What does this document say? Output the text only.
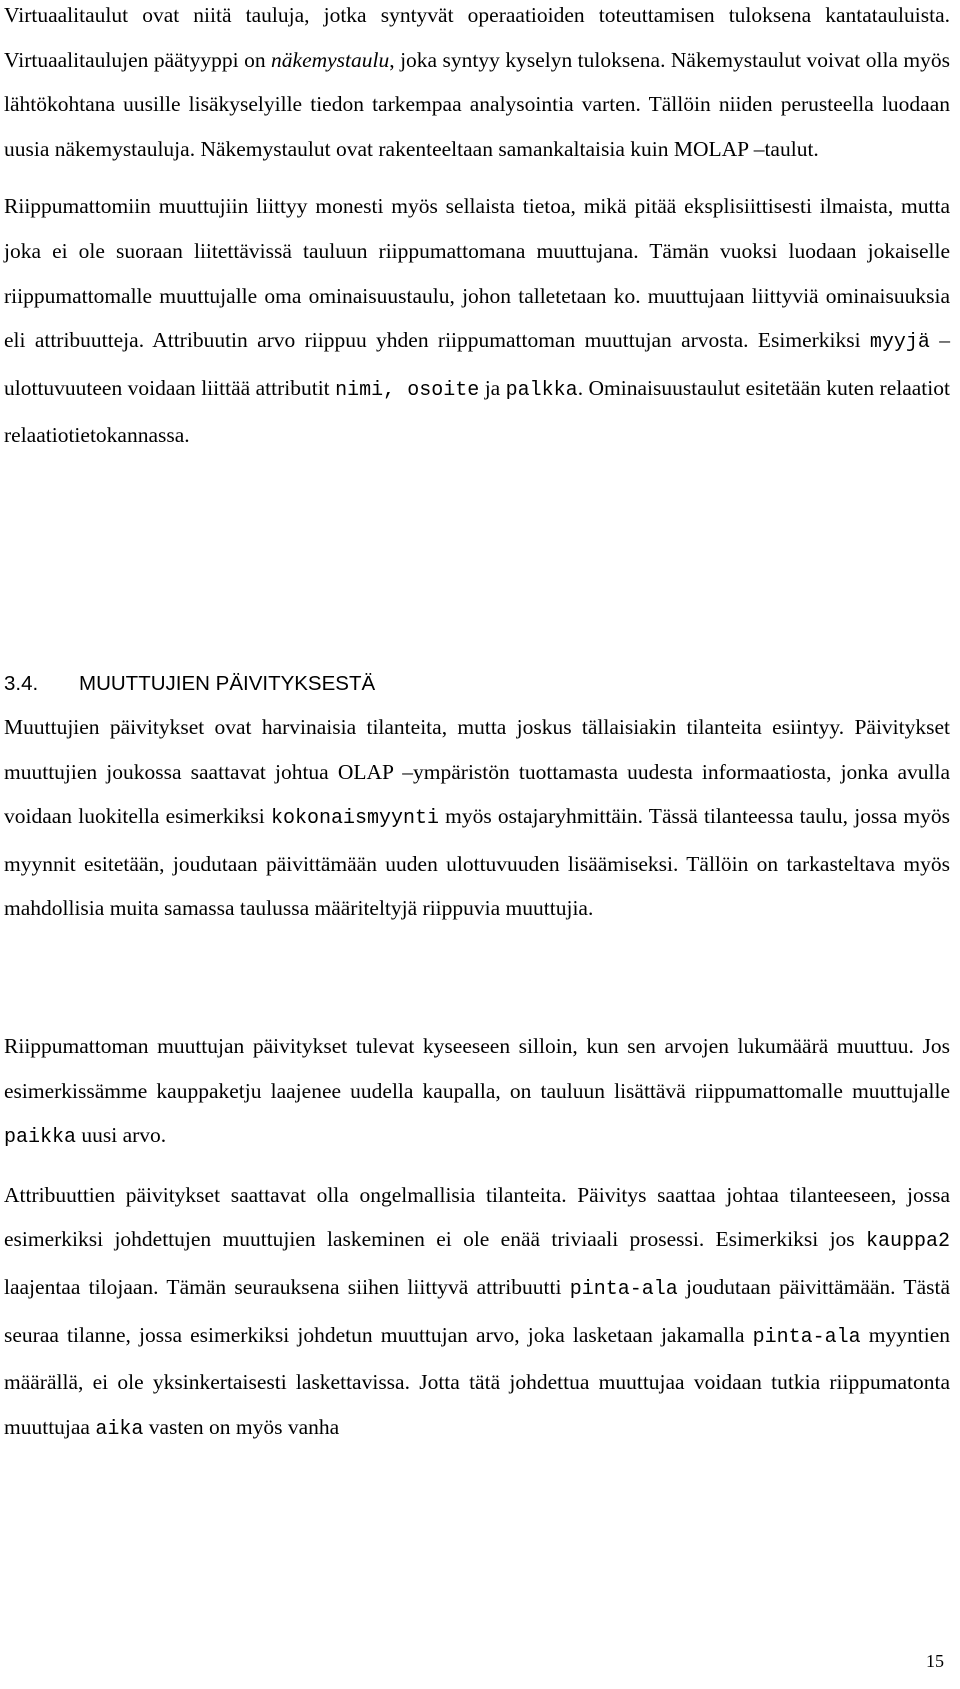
Virtuaalitaulut ovat niitä tauluja, jotka syntyvät operaatioiden toteuttamisen tuloksena kantatauluista. Virtuaalitaulujen päätyyppi on näkemystaulu, joka syntyy kyselyn tuloksena. Näkemystaulut voivat olla myös lähtökohtana uusille lisäkyselyille tiedon tarkempaa analysointia varten. Tällöin niiden perusteella luodaan uusia näkemystauluja. Näkemystaulut ovat rakenteeltaan samankaltaisia kuin MOLAP –taulut.

Riippumattomiin muuttujiin liittyy monesti myös sellaista tietoa, mikä pitää eksplisiittisesti ilmaista, mutta joka ei ole suoraan liitettävissä tauluun riippumattomana muuttujana. Tämän vuoksi luodaan jokaiselle riippumattomalle muuttujalle oma ominaisuustaulu, johon talletetaan ko. muuttujaan liittyviä ominaisuuksia eli attribuutteja. Attribuutin arvo riippuu yhden riippumattoman muuttujan arvosta. Esimerkiksi myyjä –ulottuvuuteen voidaan liittää attributit nimi, osoite ja palkka. Ominaisuustaulut esitetään kuten relaatiot relaatiotietokannassa.

3.4. MUUTTUJIEN PÄIVITYKSESTÄ

Muuttujien päivitykset ovat harvinaisia tilanteita, mutta joskus tällaisiakin tilanteita esiintyy. Päivitykset muuttujien joukossa saattavat johtua OLAP –ympäristön tuottamasta uudesta informaatiosta, jonka avulla voidaan luokitella esimerkiksi kokonaismyynti myös ostajaryhmittäin. Tässä tilanteessa taulu, jossa myös myynnit esitetään, joudutaan päivittämään uuden ulottuvuuden lisäämiseksi. Tällöin on tarkasteltava myös mahdollisia muita samassa taulussa määriteltyjä riippuvia muuttujia.

Riippumattoman muuttujan päivitykset tulevat kyseeseen silloin, kun sen arvojen lukumäärä muuttuu. Jos esimerkissämme kauppaketju laajenee uudella kaupalla, on tauluun lisättävä riippumattomalle muuttujalle paikka uusi arvo.

Attribuuttien päivitykset saattavat olla ongelmallisia tilanteita. Päivitys saattaa johtaa tilanteeseen, jossa esimerkiksi johdettujen muuttujien laskeminen ei ole enää triviaali prosessi. Esimerkiksi jos kauppa2 laajentaa tilojaan. Tämän seurauksena siihen liittyvä attribuutti pinta-ala joudutaan päivittämään. Tästä seuraa tilanne, jossa esimerkiksi johdetun muuttujan arvo, joka lasketaan jakamalla pinta-ala myyntien määrällä, ei ole yksinkertaisesti laskettavissa. Jotta tätä johdettua muuttujaa voidaan tutkia riippumatonta muuttujaa aika vasten on myös vanha

15
